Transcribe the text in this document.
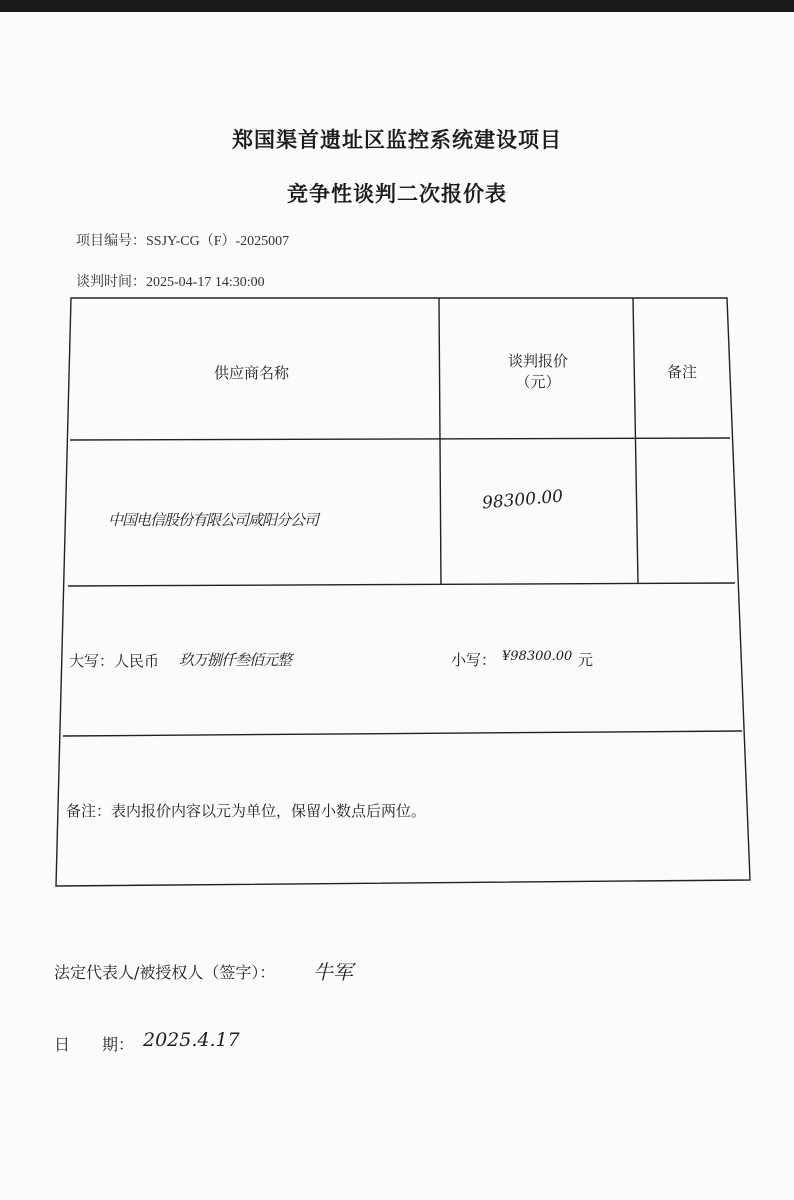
郑国渠首遗址区监控系统建设项目
竞争性谈判二次报价表
项目编号：SSJY-CG（F）-2025007
谈判时间：2025-04-17 14:30:00
供应商名称
谈判报价
（元）
备注
中国电信股份有限公司咸阳分公司
98300.00
大写：人民币 玖万捌仟叁佰元整	小写： ¥98300.00 元
备注：表内报价内容以元为单位，保留小数点后两位。
法定代表人/被授权人（签字）： 牛军
日　　期： 2025.4.17
